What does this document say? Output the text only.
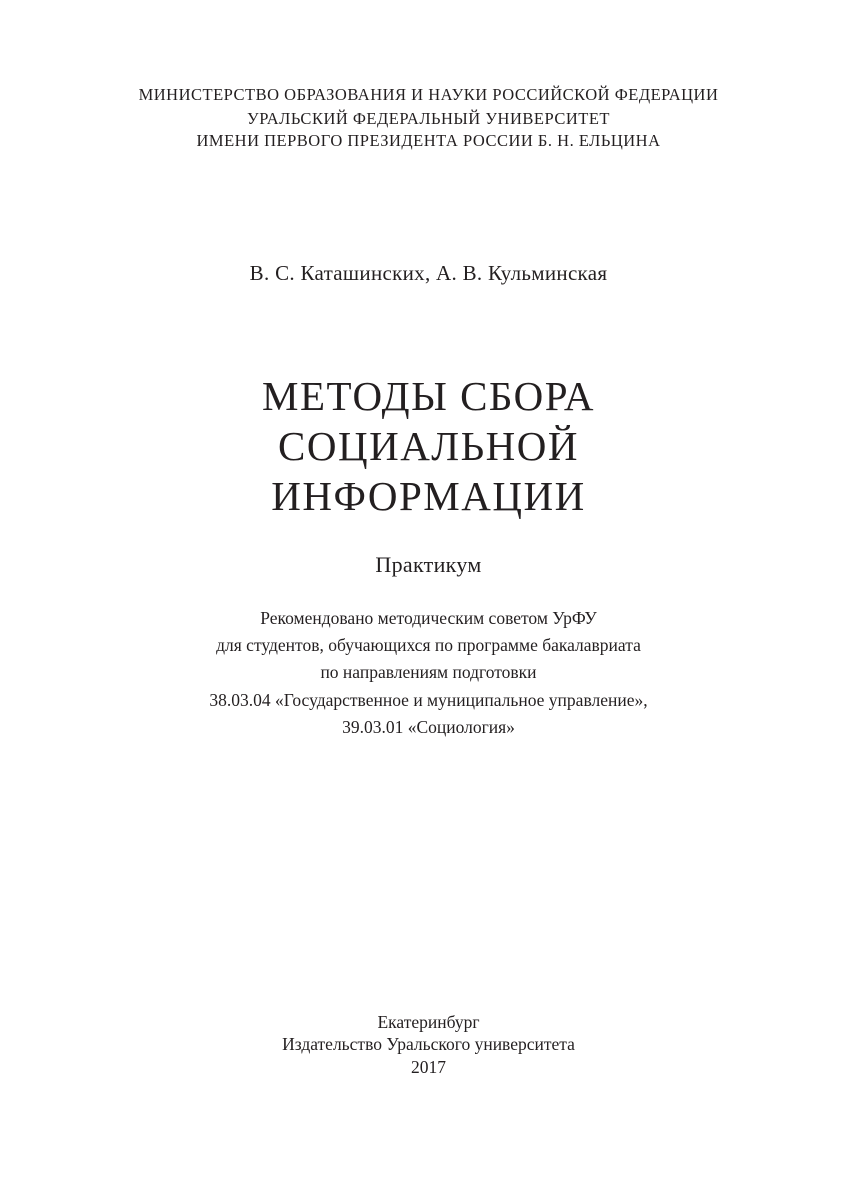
МИНИСТЕРСТВО ОБРАЗОВАНИЯ И НАУКИ РОССИЙСКОЙ ФЕДЕРАЦИИ
УРАЛЬСКИЙ ФЕДЕРАЛЬНЫЙ УНИВЕРСИТЕТ
ИМЕНИ ПЕРВОГО ПРЕЗИДЕНТА РОССИИ Б. Н. ЕЛЬЦИНА
В. С. Каташинских, А. В. Кульминская
МЕТОДЫ СБОРА
СОЦИАЛЬНОЙ
ИНФОРМАЦИИ
Практикум
Рекомендовано методическим советом УрФУ
для студентов, обучающихся по программе бакалавриата
по направлениям подготовки
38.03.04 «Государственное и муниципальное управление»,
39.03.01 «Социология»
Екатеринбург
Издательство Уральского университета
2017
